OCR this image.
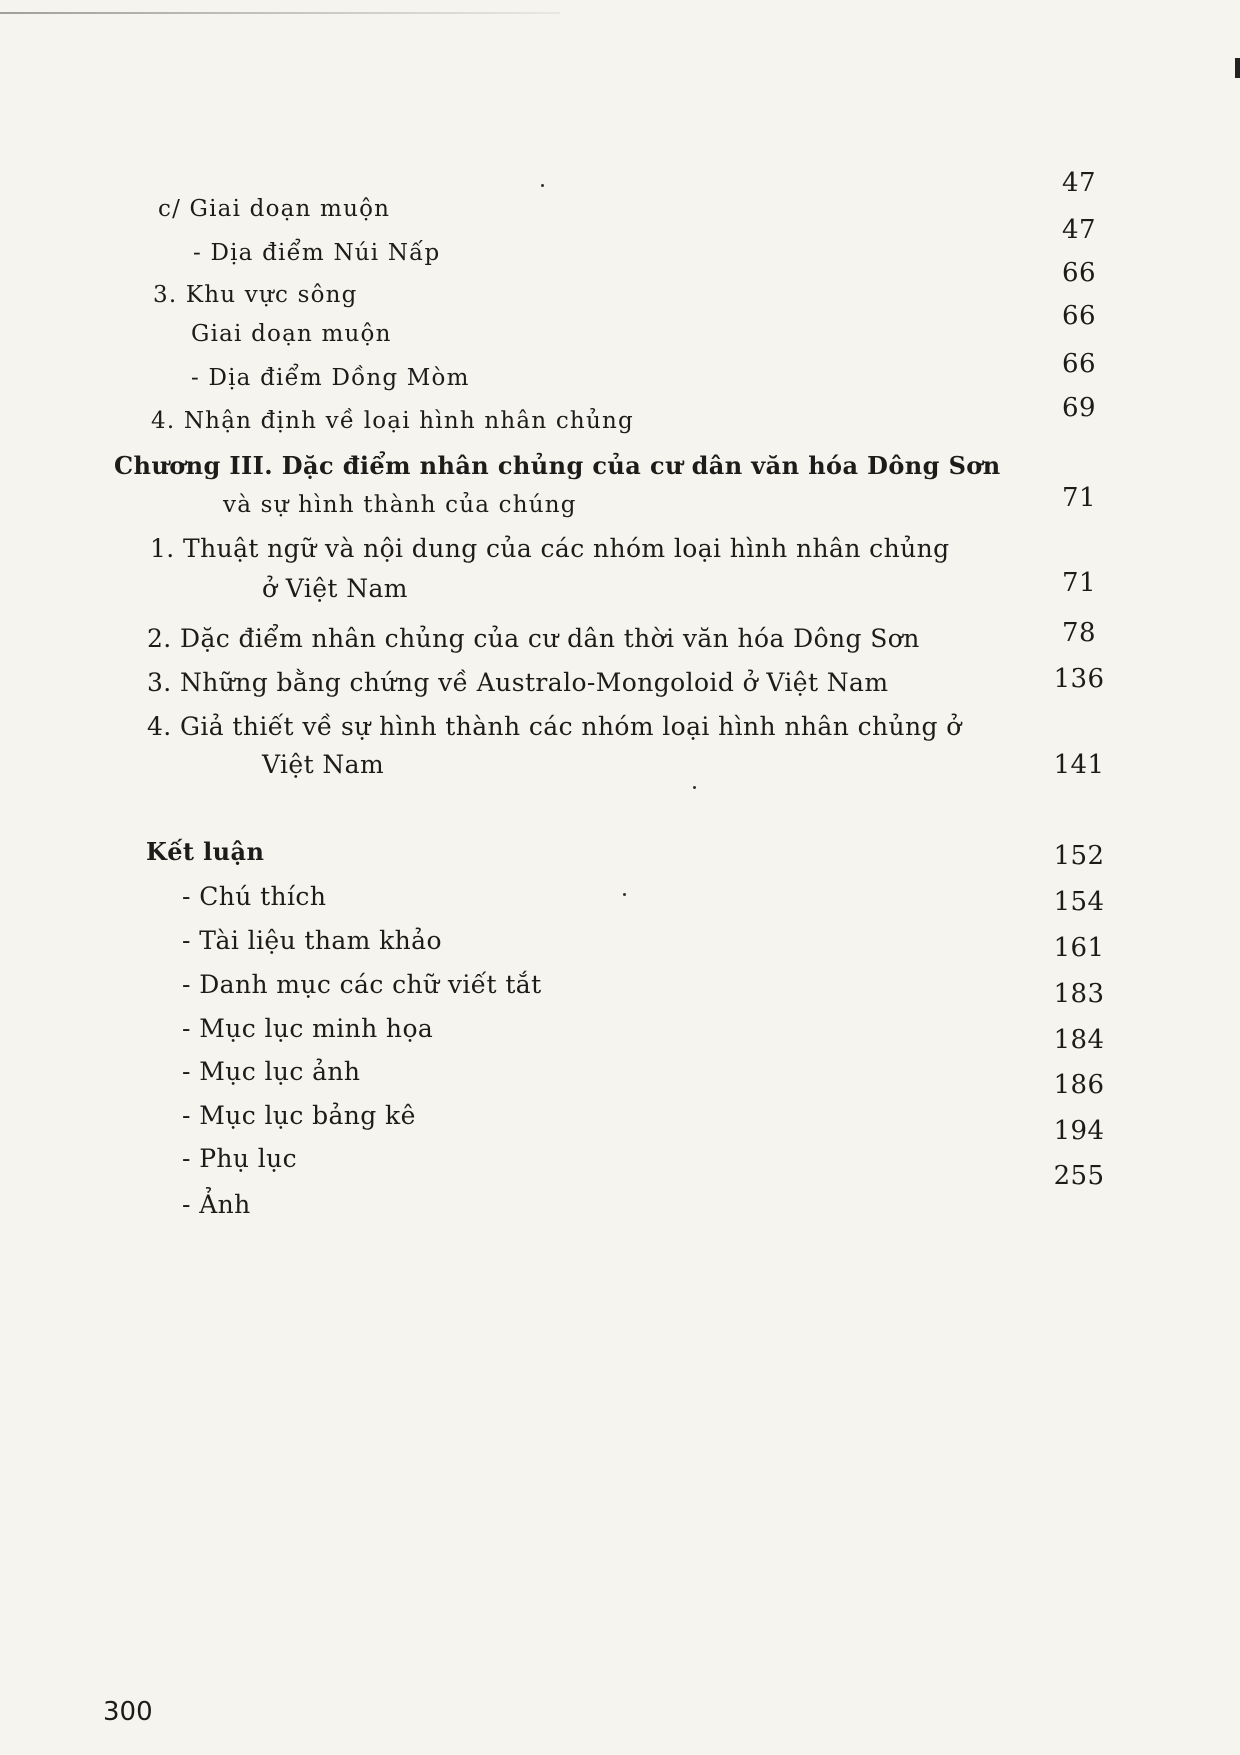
c/ Giai doạn muộn
- Dịa điểm Núi Nấp
3. Khu vực sông
Giai doạn muộn
- Dịa điểm Dồng Mòm
4. Nhận định về loại hình nhân chủng
Chương III. Dặc điểm nhân chủng của cư dân văn hóa Dông Sơn
và sự hình thành của chúng
1. Thuật ngữ và nội dung của các nhóm loại hình nhân chủng
ở Việt Nam
2. Dặc điểm nhân chủng của cư dân thời văn hóa Dông Sơn
3. Những bằng chứng về Australo-Mongoloid ở Việt Nam
4. Giả thiết về sự hình thành các nhóm loại hình nhân chủng ở
Việt Nam
Kết luận
- Chú thích
- Tài liệu tham khảo
- Danh mục các chữ viết tắt
- Mục lục minh họa
- Mục lục ảnh
- Mục lục bảng kê
- Phụ lục
- Ảnh
47
47
66
66
66
69
71
71
78
136
141
152
154
161
183
184
186
194
255
300
